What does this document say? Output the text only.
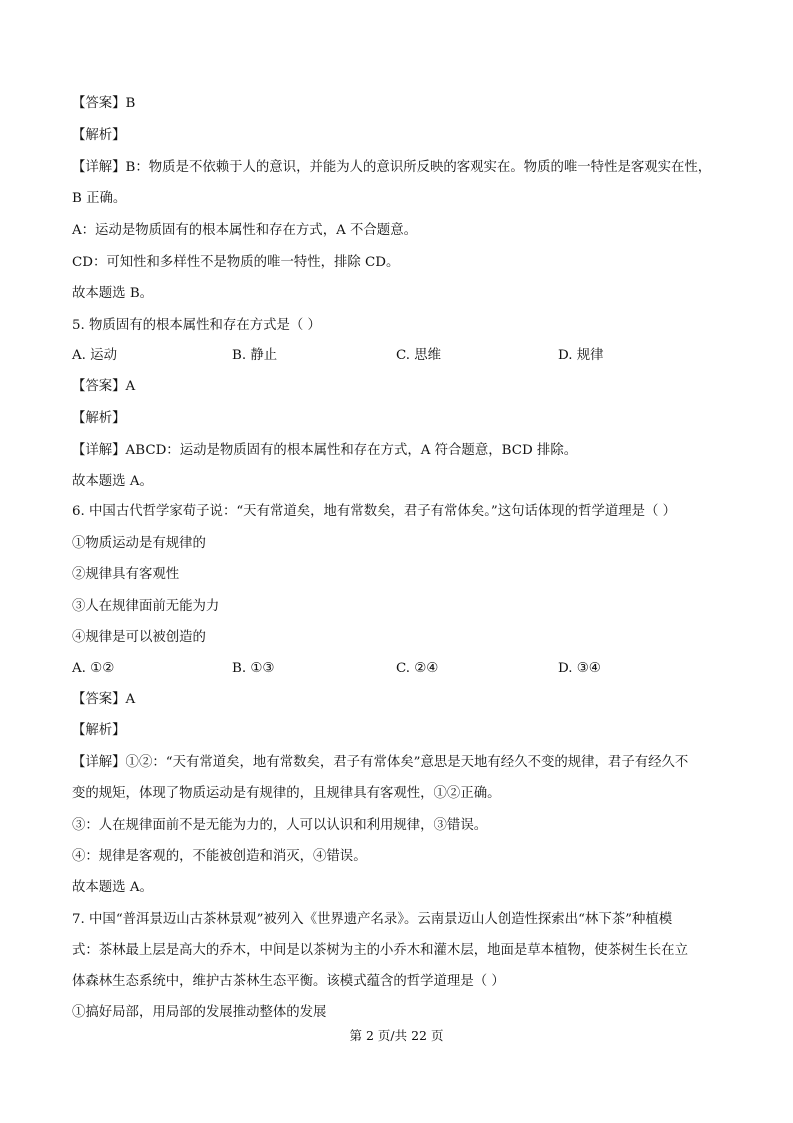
【答案】B
【解析】
【详解】B：物质是不依赖于人的意识，并能为人的意识所反映的客观实在。物质的唯一特性是客观实在性，
B 正确。
A：运动是物质固有的根本属性和存在方式，A 不合题意。
CD：可知性和多样性不是物质的唯一特性，排除 CD。
故本题选 B。
5. 物质固有的根本属性和存在方式是（ ）
A. 运动	B. 静止	C. 思维	D. 规律
【答案】A
【解析】
【详解】ABCD：运动是物质固有的根本属性和存在方式，A 符合题意，BCD 排除。
故本题选 A。
6. 中国古代哲学家荀子说：“天有常道矣，地有常数矣，君子有常体矣。”这句话体现的哲学道理是（ ）
①物质运动是有规律的
②规律具有客观性
③人在规律面前无能为力
④规律是可以被创造的
A. ①②	B. ①③	C. ②④	D. ③④
【答案】A
【解析】
【详解】①②：“天有常道矣，地有常数矣，君子有常体矣”意思是天地有经久不变的规律，君子有经久不
变的规矩，体现了物质运动是有规律的，且规律具有客观性，①②正确。
③：人在规律面前不是无能为力的，人可以认识和利用规律，③错误。
④：规律是客观的，不能被创造和消灭，④错误。
故本题选 A。
7. 中国“普洱景迈山古茶林景观”被列入《世界遗产名录》。云南景迈山人创造性探索出“林下茶”种植模
式：茶林最上层是高大的乔木，中间是以茶树为主的小乔木和灌木层，地面是草本植物，使茶树生长在立
体森林生态系统中，维护古茶林生态平衡。该模式蕴含的哲学道理是（ ）
①搞好局部，用局部的发展推动整体的发展
第 2 页/共 22 页
